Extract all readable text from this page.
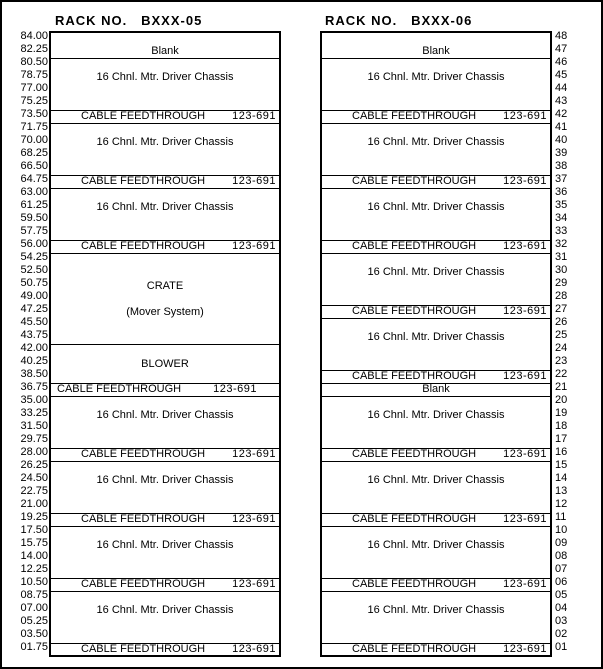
RACK NO.   BXXX-05	RACK NO.   BXXX-06
84.00
82.25
80.50
78.75
77.00
75.25
73.50
71.75
70.00
68.25
66.50
64.75
63.00
61.25
59.50
57.75
56.00
54.25
52.50
50.75
49.00
47.25
45.50
43.75
42.00
40.25
38.50
36.75
35.00
33.25
31.50
29.75
28.00
26.25
24.50
22.75
21.00
19.25
17.50
15.75
14.00
12.25
10.50
08.75
07.00
05.25
03.50
01.75
Blank
16 Chnl. Mtr. Driver Chassis
CABLE FEEDTHROUGH 123-691
16 Chnl. Mtr. Driver Chassis
CABLE FEEDTHROUGH 123-691
16 Chnl. Mtr. Driver Chassis
CABLE FEEDTHROUGH 123-691
CRATE
(Mover System)
BLOWER
CABLE FEEDTHROUGH	123-691
16 Chnl. Mtr. Driver Chassis
CABLE FEEDTHROUGH 123-691
16 Chnl. Mtr. Driver Chassis
CABLE FEEDTHROUGH 123-691
16 Chnl. Mtr. Driver Chassis
CABLE FEEDTHROUGH 123-691
16 Chnl. Mtr. Driver Chassis
CABLE FEEDTHROUGH 123-691
Blank
16 Chnl. Mtr. Driver Chassis
CABLE FEEDTHROUGH 123-691
16 Chnl. Mtr. Driver Chassis
CABLE FEEDTHROUGH 123-691
16 Chnl. Mtr. Driver Chassis
CABLE FEEDTHROUGH 123-691
16 Chnl. Mtr. Driver Chassis
CABLE FEEDTHROUGH 123-691
16 Chnl. Mtr. Driver Chassis
CABLE FEEDTHROUGH 123-691
Blank
16 Chnl. Mtr. Driver Chassis
CABLE FEEDTHROUGH 123-691
16 Chnl. Mtr. Driver Chassis
CABLE FEEDTHROUGH 123-691
16 Chnl. Mtr. Driver Chassis
CABLE FEEDTHROUGH 123-691
16 Chnl. Mtr. Driver Chassis
CABLE FEEDTHROUGH 123-691
48
47
46
45
44
43
42
41
40
39
38
37
36
35
34
33
32
31
30
29
28
27
26
25
24
23
22
21
20
19
18
17
16
15
14
13
12
11
10
09
08
07
06
05
04
03
02
01
